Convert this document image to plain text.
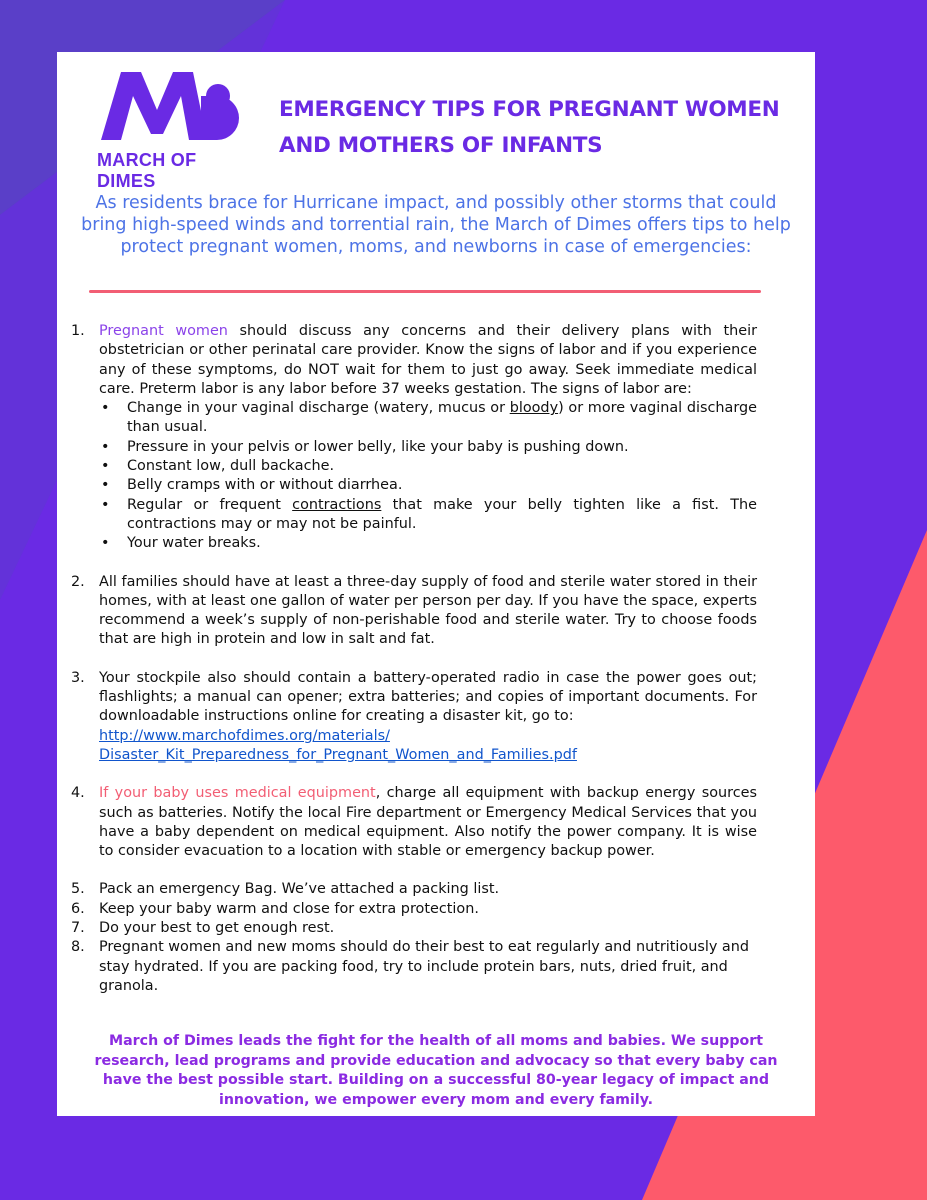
MARCH OF DIMES
EMERGENCY TIPS FOR PREGNANT WOMEN AND MOTHERS OF INFANTS
As residents brace for Hurricane impact, and possibly other storms that could bring high-speed winds and torrential rain, the March of Dimes offers tips to help protect pregnant women, moms, and newborns in case of emergencies:
1. Pregnant women should discuss any concerns and their delivery plans with their obstetrician or other perinatal care provider. Know the signs of labor and if you experience any of these symptoms, do NOT wait for them to just go away. Seek immediate medical care. Preterm labor is any labor before 37 weeks gestation. The signs of labor are:
•	Change in your vaginal discharge (watery, mucus or bloody) or more vaginal discharge than usual.
•	Pressure in your pelvis or lower belly, like your baby is pushing down.
•	Constant low, dull backache.
•	Belly cramps with or without diarrhea.
•	Regular or frequent contractions that make your belly tighten like a fist. The contractions may or may not be painful.
•	Your water breaks.
2. All families should have at least a three-day supply of food and sterile water stored in their homes, with at least one gallon of water per person per day. If you have the space, experts recommend a week’s supply of non-perishable food and sterile water. Try to choose foods that are high in protein and low in salt and fat.
3. Your stockpile also should contain a battery-operated radio in case the power goes out; flashlights; a manual can opener; extra batteries; and copies of important documents. For downloadable instructions online for creating a disaster kit, go to:
http://www.marchofdimes.org/materials/
Disaster_Kit_Preparedness_for_Pregnant_Women_and_Families.pdf
4. If your baby uses medical equipment, charge all equipment with backup energy sources such as batteries. Notify the local Fire department or Emergency Medical Services that you have a baby dependent on medical equipment. Also notify the power company. It is wise to consider evacuation to a location with stable or emergency backup power.
5. Pack an emergency Bag. We’ve attached a packing list.
6. Keep your baby warm and close for extra protection.
7. Do your best to get enough rest.
8. Pregnant women and new moms should do their best to eat regularly and nutritiously and stay hydrated. If you are packing food, try to include protein bars, nuts, dried fruit, and granola.
March of Dimes leads the fight for the health of all moms and babies. We support research, lead programs and provide education and advocacy so that every baby can have the best possible start. Building on a successful 80-year legacy of impact and innovation, we empower every mom and every family.
